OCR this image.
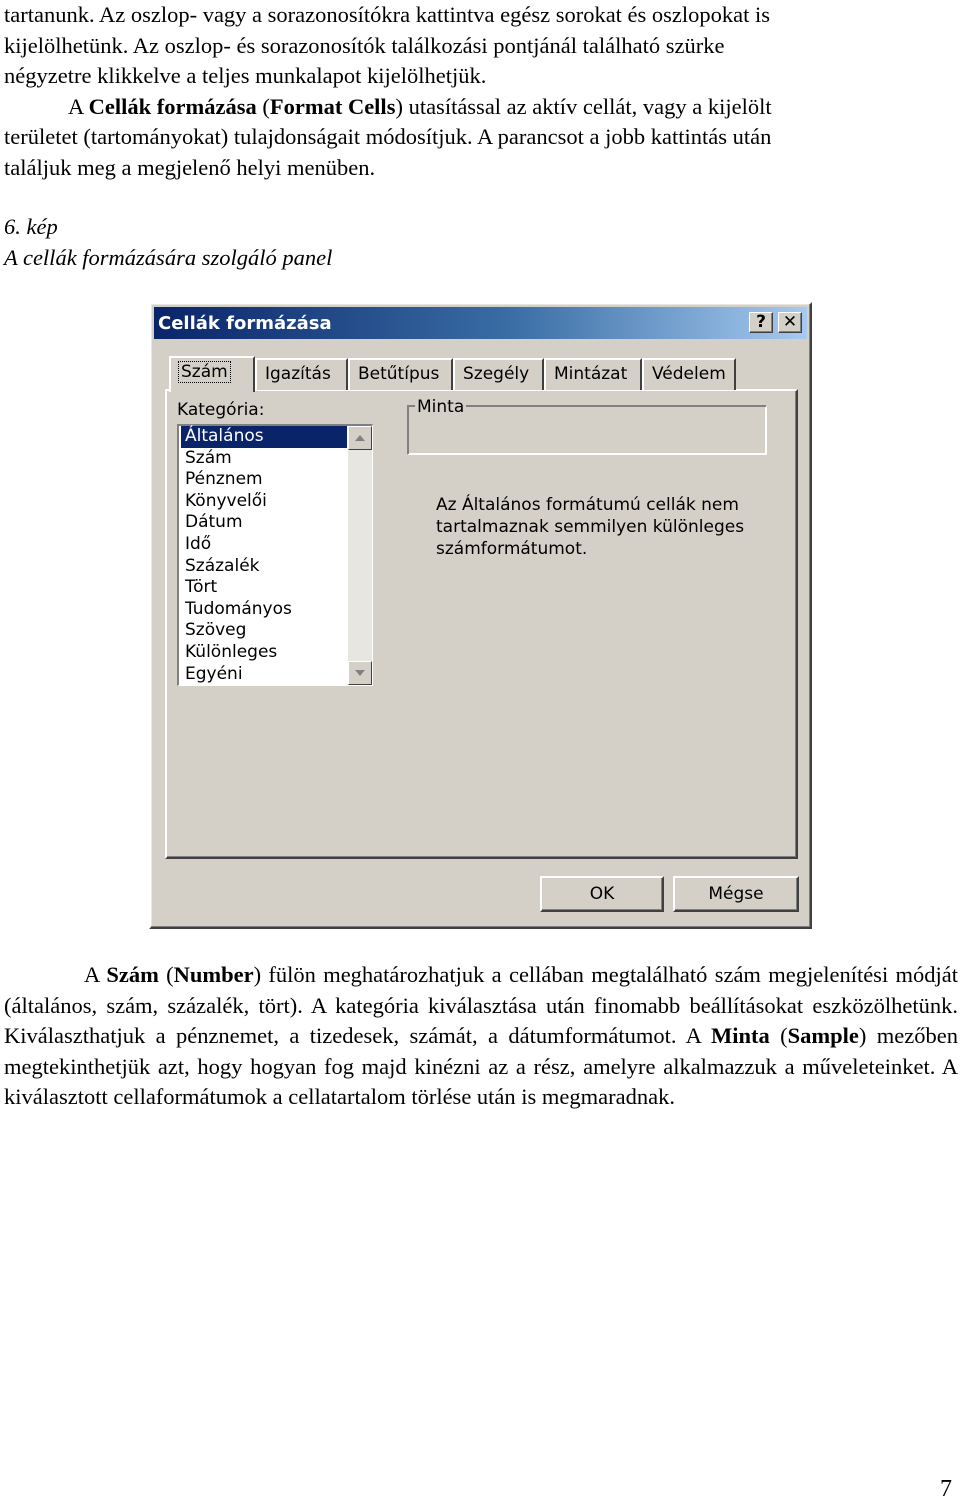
tartanunk. Az oszlop- vagy a sorazonosítókra kattintva egész sorokat és oszlopokat is
kijelölhetünk. Az oszlop- és sorazonosítók találkozási pontjánál található szürke
négyzetre klikkelve a teljes munkalapot kijelölhetjük.
A Cellák formázása (Format Cells) utasítással az aktív cellát, vagy a kijelölt
területet (tartományokat) tulajdonságait módosítjuk. A parancsot a jobb kattintás után
találjuk meg a megjelenő helyi menüben.
6. kép
A cellák formázására szolgáló panel
Cellák formázása	? ✕
Szám	Igazítás	Betűtípus	Szegély	Mintázat	Védelem
Kategória:
Általános
Szám
Pénznem
Könyvelői
Dátum
Idő
Százalék
Tört
Tudományos
Szöveg
Különleges
Egyéni
Minta
Az Általános formátumú cellák nem tartalmaznak semmilyen különleges számformátumot.
OK	Mégse
A Szám (Number) fülön meghatározhatjuk a cellában megtalálható szám megjelenítési módját (általános, szám, százalék, tört). A kategória kiválasztása után finomabb beállításokat eszközölhetünk. Kiválaszthatjuk a pénznemet, a tizedesek, számát, a dátumformátumot. A Minta (Sample) mezőben megtekinthetjük azt, hogy hogyan fog majd kinézni az a rész, amelyre alkalmazzuk a műveleteinket. A kiválasztott cellaformátumok a cellatartalom törlése után is megmaradnak.
7
